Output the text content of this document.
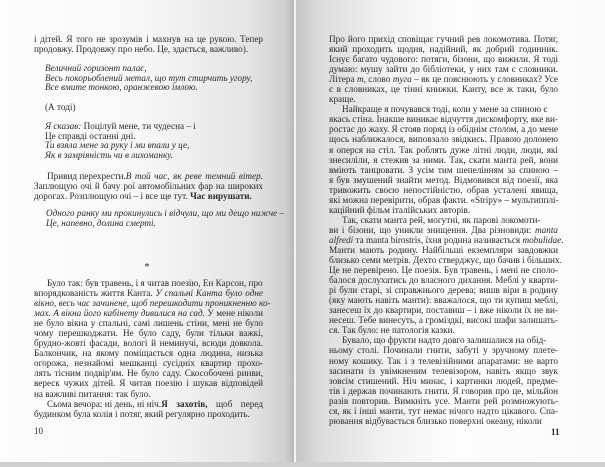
і дітей. Я того не зрозумів і махнув на це рукою. Тепер
продовжу. Продовжу про небо. Це, здається, важливо).
Величний горизонт палає,
Весь покорьоблений метал, що тут стирчить угору,
Все вмите тонкою, оранжевою імлою.
(А тоді)
Я сказав: Поцілуй мене, ти чудесна – і
Це справді останні дні.
Ти взяла мене за руку і ми впали у це,
Як в замріяність чи в лихоманку.
Привид перехрести.В той час, як реве темний вітер.
Заплющую очі й бачу рої автомобільних фар на широких
дорогах. Розплющую очі – і все ще тут. Час вирушати.
Одного ранку ми прокинулись і відчули, що ми дещо нижче –
Це, напевно, долина смерті.
*
Було так: був травень, і я читав поезію, Ен Карсон, про
впорядкованість життя Канта. У спальні Канта було одне
вікно, весь час зачинене, щоб перешкодити проникненню ко-
мах. А вікна його кабінету дивилися на сад. У мене ніколи
не було вікна у спальні, самі лишень стіни, мені не було
чому перешкоджати. Не було саду, були тільки важкі,
брудно-жовті фасади, вологі й неминучі, всюди довкола.
Балкончик, на якому поміщається одна людина, низька
огорожа, незнайомі мешканці сусідніх квартир прохо-
лять тісним подвір'ям. Не було саду. Скособочені ринви,
вереск чужих дітей. Я читав поезію і шукав відповідей
на важливі питання: так було.
Сьома вечора: ні день, ні ніч.Я захотів, щоб перед
будинком була колія і потяг, який регулярно проходить.
10
Про його прихід сповіщає гучний рев локомотива. Потяг,
який проходить щодня, надійний, як добрий годинник.
Існує багато чудового: потяги, бізони, що вижили. Я тоді
думаю: мушу зайти до бібліотеки, у них там є словники.
Літера m, слово mуга – як це пояснюють у словниках? Усе
є в словниках, це тінні книжки. Канту, все ж таки, було
краще.
Найкраще я почувався тоді, коли у мене за спиною є
якась стіна. Інакше виникає відчуття дискомфорту, яке ви-
ростає до жаху. Я стояв поряд із обіднім столом, а до мене
щось наближалося, виповзало звідкись. Правою долонею
я оперся на стіл. Так роблять дуже літні люди, люди, які
знесиліли, я стежив за ними. Так, скати манта рей, вони
вміють танцювати. З усім тим шепелінням за спиною –
я був змушений знайти метод. Відмовився від поезії, яка
тривожить своєю непостійністю, обрав усталені явища,
які можна перевірити, обрав факти. «Stripy» – мультипплі-
каційний фільм італійських авторів.
Так, скати манта рей, могутні, як парові локомоти-
ви і бізони, що уникли знищення. Два різновиди: manta
alfredi та manta birostris, їхня родина називається mobulidae.
Манти мають родину. Найбільші екземпляри завдовжки
близько семи метрів. Дехто стверджує, що бачив і більших.
Це не перевірено. Це поезія. Був травень, і мені не споло-
балося дослухатись до власного дихання. Меблі у кварти-
рі були старі, зі справжнього дерева; вишв віри в родину
(яку мають навіть манти): вважалося, що ти купиш меблі,
занесеш їх до квартири, поставиш – і вже ніколи їх не ви-
несеш. Тебе винесуть, а громіздкі, високі шафи залишать-
ся. Так було: не патологія казки.
Бувало, що фрукти надто довго залишалися на обід-
ньому столі. Починали гнити, забуті у зручному плете-
ному кошику. Так і з телевізійними апаратами: не варто
засинати із увімкненим телевізором, навіть якщо звук
зовсім стишений. Ніч минає, і картинки людей, предме-
тів і держав починають гнити. Я говорив про це, мільйон
разів повторив. Вимкніть усе. Манти рей розмножують-
ся, як і інші манти, тут немає нічого надто цікавого. Спа-
рювання відбувається близько поверхні океану, ніколи
11
